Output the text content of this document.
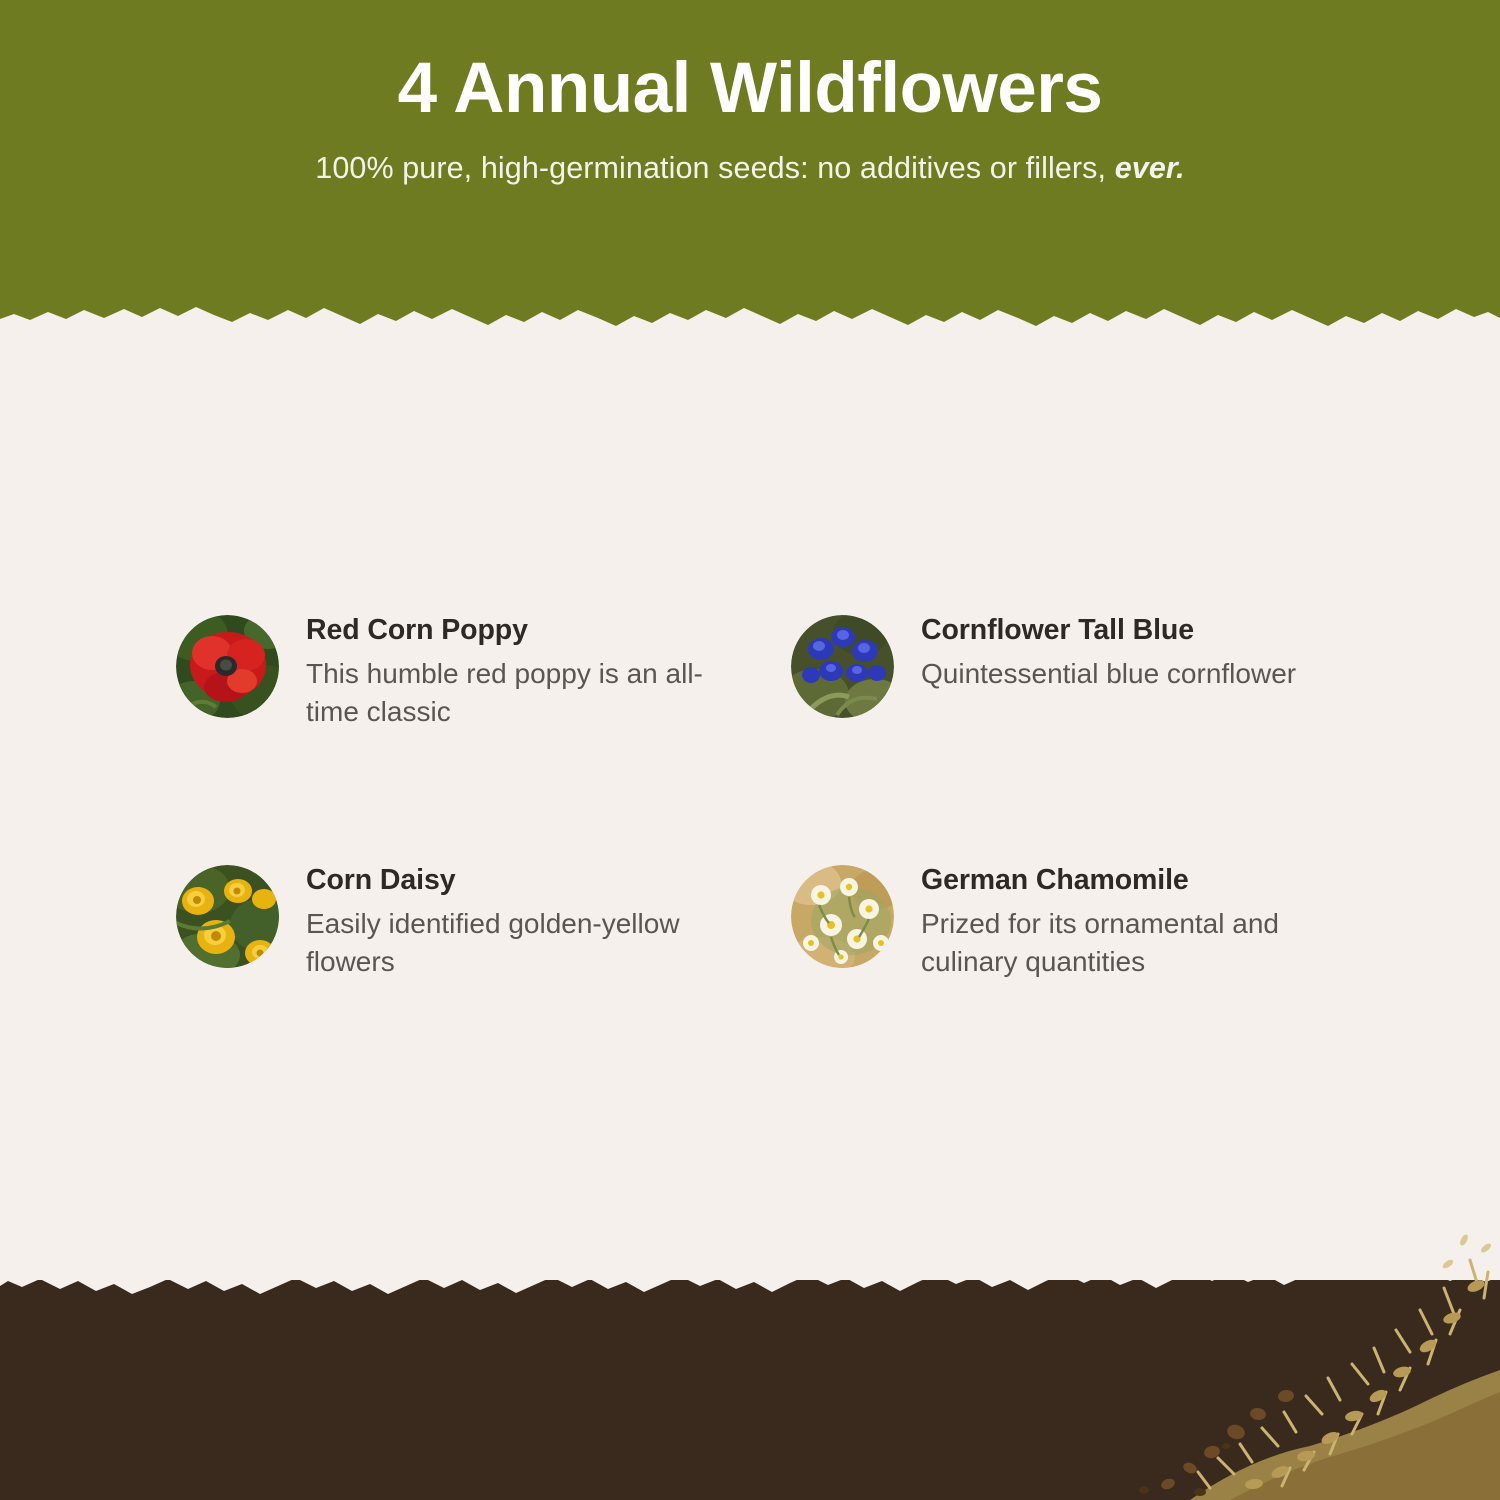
4 Annual Wildflowers
100% pure, high-germination seeds: no additives or fillers, ever.
Red Corn Poppy
This humble red poppy is an all-time classic
Cornflower Tall Blue
Quintessential blue cornflower
Corn Daisy
Easily identified golden-yellow flowers
German Chamomile
Prized for its ornamental and culinary quantities
